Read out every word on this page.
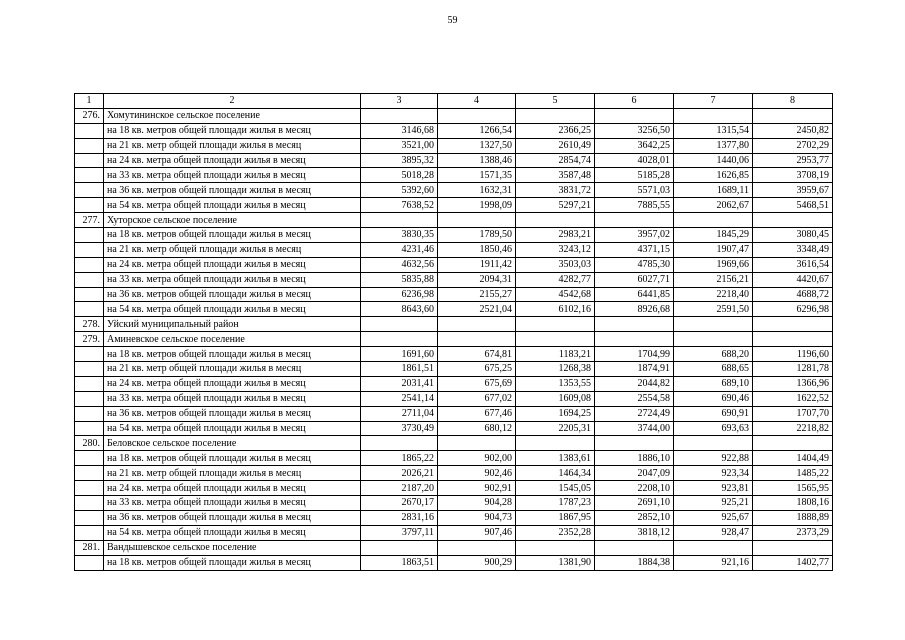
59
1	2	3	4	5	6	7	8
276.	Хомутининское сельское поселение						
	на 18 кв. метров общей площади жилья в месяц	3146,68	1266,54	2366,25	3256,50	1315,54	2450,82
	на 21 кв. метр общей площади жилья в месяц	3521,00	1327,50	2610,49	3642,25	1377,80	2702,29
	на 24 кв. метра общей площади жилья в месяц	3895,32	1388,46	2854,74	4028,01	1440,06	2953,77
	на 33 кв. метра общей площади жилья в месяц	5018,28	1571,35	3587,48	5185,28	1626,85	3708,19
	на 36 кв. метров общей площади жилья в месяц	5392,60	1632,31	3831,72	5571,03	1689,11	3959,67
	на 54 кв. метра общей площади жилья в месяц	7638,52	1998,09	5297,21	7885,55	2062,67	5468,51
277.	Хуторское сельское поселение						
	на 18 кв. метров общей площади жилья в месяц	3830,35	1789,50	2983,21	3957,02	1845,29	3080,45
	на 21 кв. метр общей площади жилья в месяц	4231,46	1850,46	3243,12	4371,15	1907,47	3348,49
	на 24 кв. метра общей площади жилья в месяц	4632,56	1911,42	3503,03	4785,30	1969,66	3616,54
	на 33 кв. метра общей площади жилья в месяц	5835,88	2094,31	4282,77	6027,71	2156,21	4420,67
	на 36 кв. метров общей площади жилья в месяц	6236,98	2155,27	4542,68	6441,85	2218,40	4688,72
	на 54 кв. метра общей площади жилья в месяц	8643,60	2521,04	6102,16	8926,68	2591,50	6296,98
278.	Уйский муниципальный район						
279.	Аминевское сельское поселение						
	на 18 кв. метров общей площади жилья в месяц	1691,60	674,81	1183,21	1704,99	688,20	1196,60
	на 21 кв. метр общей площади жилья в месяц	1861,51	675,25	1268,38	1874,91	688,65	1281,78
	на 24 кв. метра общей площади жилья в месяц	2031,41	675,69	1353,55	2044,82	689,10	1366,96
	на 33 кв. метра общей площади жилья в месяц	2541,14	677,02	1609,08	2554,58	690,46	1622,52
	на 36 кв. метров общей площади жилья в месяц	2711,04	677,46	1694,25	2724,49	690,91	1707,70
	на 54 кв. метра общей площади жилья в месяц	3730,49	680,12	2205,31	3744,00	693,63	2218,82
280.	Беловское сельское поселение						
	на 18 кв. метров общей площади жилья в месяц	1865,22	902,00	1383,61	1886,10	922,88	1404,49
	на 21 кв. метр общей площади жилья в месяц	2026,21	902,46	1464,34	2047,09	923,34	1485,22
	на 24 кв. метра общей площади жилья в месяц	2187,20	902,91	1545,05	2208,10	923,81	1565,95
	на 33 кв. метра общей площади жилья в месяц	2670,17	904,28	1787,23	2691,10	925,21	1808,16
	на 36 кв. метров общей площади жилья в месяц	2831,16	904,73	1867,95	2852,10	925,67	1888,89
	на 54 кв. метра общей площади жилья в месяц	3797,11	907,46	2352,28	3818,12	928,47	2373,29
281.	Вандышевское сельское поселение						
	на 18 кв. метров общей площади жилья в месяц	1863,51	900,29	1381,90	1884,38	921,16	1402,77
